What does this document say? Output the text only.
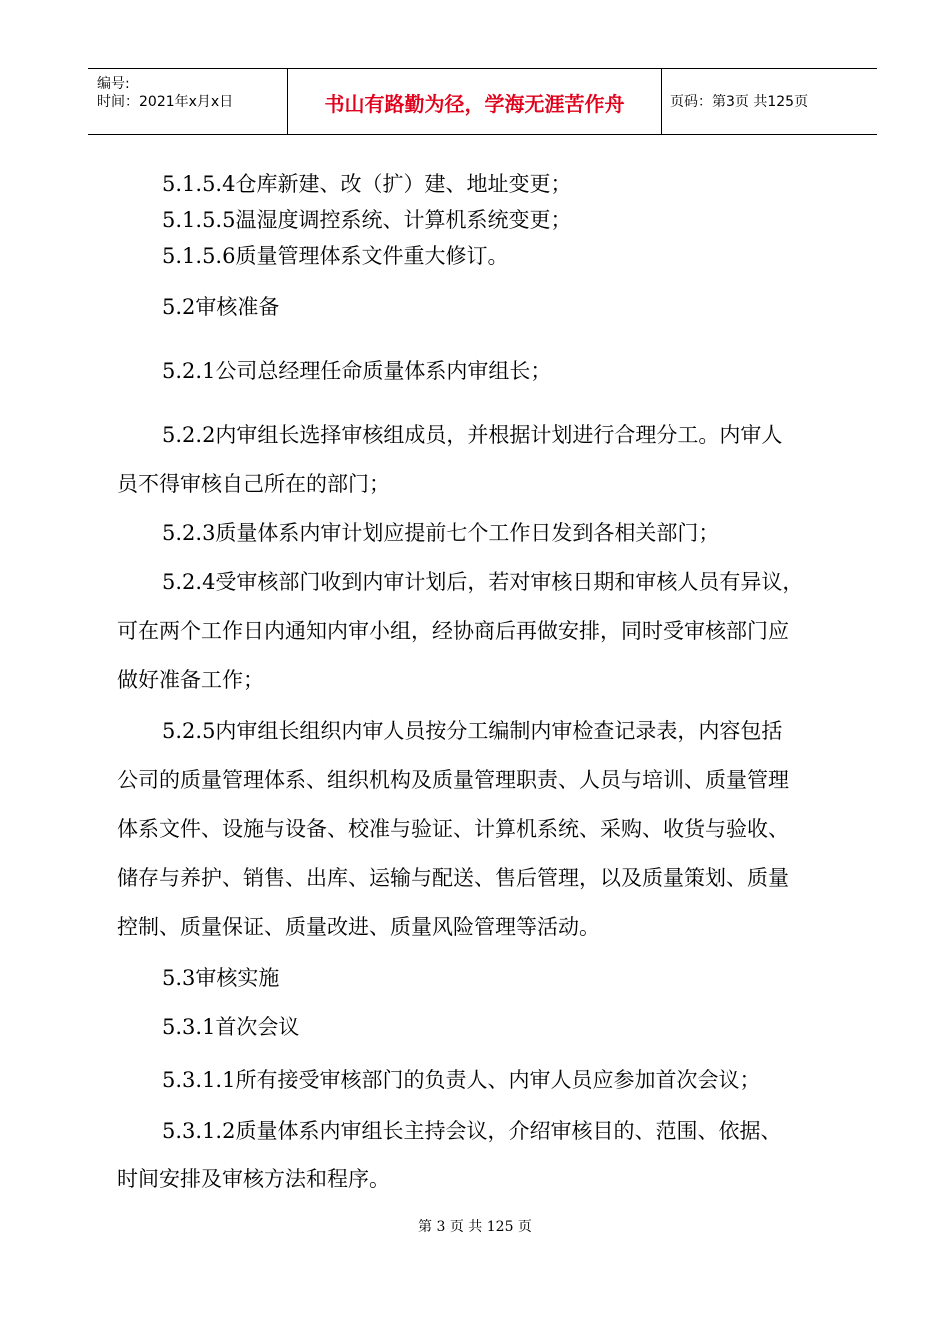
编号:
时间：2021年x月x日	书山有路勤为径，学海无涯苦作舟	页码：第3页 共125页
5.1.5.4仓库新建、改（扩）建、地址变更；
5.1.5.5温湿度调控系统、计算机系统变更；
5.1.5.6质量管理体系文件重大修订。
5.2审核准备
5.2.1公司总经理任命质量体系内审组长；
5.2.2内审组长选择审核组成员，并根据计划进行合理分工。内审人
员不得审核自己所在的部门；
5.2.3质量体系内审计划应提前七个工作日发到各相关部门；
5.2.4受审核部门收到内审计划后，若对审核日期和审核人员有异议，
可在两个工作日内通知内审小组，经协商后再做安排，同时受审核部门应
做好准备工作；
5.2.5内审组长组织内审人员按分工编制内审检查记录表，内容包括
公司的质量管理体系、组织机构及质量管理职责、人员与培训、质量管理
体系文件、设施与设备、校准与验证、计算机系统、采购、收货与验收、
储存与养护、销售、出库、运输与配送、售后管理，以及质量策划、质量
控制、质量保证、质量改进、质量风险管理等活动。
5.3审核实施
5.3.1首次会议
5.3.1.1所有接受审核部门的负责人、内审人员应参加首次会议；
5.3.1.2质量体系内审组长主持会议，介绍审核目的、范围、依据、
时间安排及审核方法和程序。
第 3 页 共 125 页
